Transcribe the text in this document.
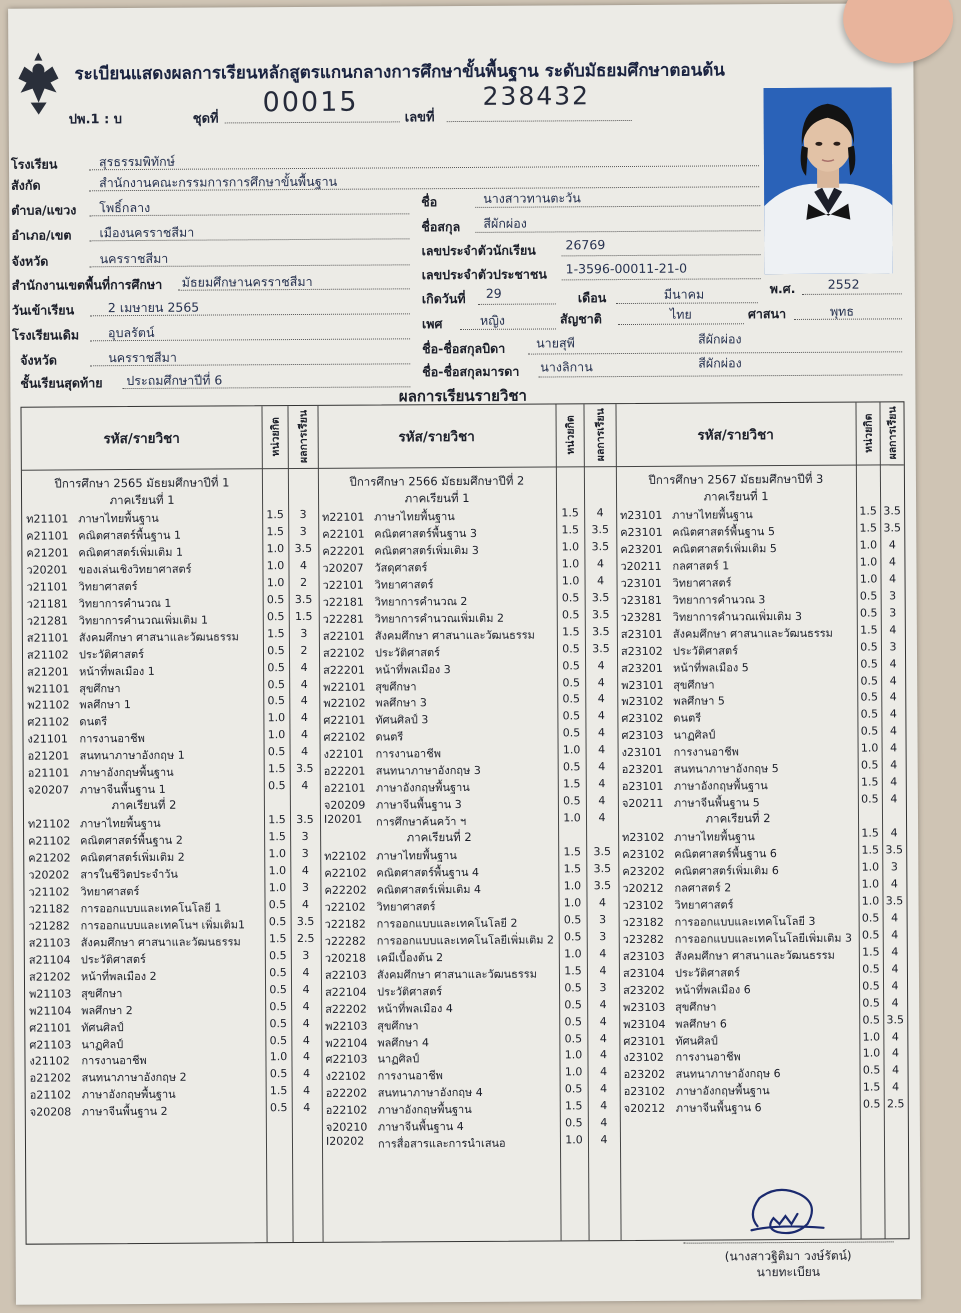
ระเบียนแสดงผลการเรียนหลักสูตรแกนกลางการศึกษาขั้นพื้นฐาน ระดับมัธยมศึกษาตอนต้น
ปพ.1 : บ	ชุดที่
00015	เลขที่
238432
โรงเรียน	สุรธรรมพิทักษ์
สังกัด	สำนักงานคณะกรรมการการศึกษาขั้นพื้นฐาน
ตำบล/แขวง โพธิ์กลาง
อำเภอ/เขต เมืองนครราชสีมา
จังหวัด	นครราชสีมา
สำนักงานเขตพื้นที่การศึกษา มัธยมศึกษานครราชสีมา
วันเข้าเรียน	2 เมษายน 2565
โรงเรียนเดิม อุบลรัตน์
จังหวัด	นครราชสีมา
ชั้นเรียนสุดท้าย ประถมศึกษาปีที่ 6
ชื่อ	นางสาวทานตะวัน
ชื่อสกุล สีผักผ่อง
เลขประจำตัวนักเรียน 26769
เลขประจำตัวประชาชน 1-3596-00011-21-0
เกิดวันที่ 29	เดือน	มีนาคม	พ.ศ.	2552
เพศ	หญิง	สัญชาติ	ไทย	ศาสนา	พุทธ
ชื่อ-ชื่อสกุลบิดา นายสุพี	สีผักผ่อง
ชื่อ-ชื่อสกุลมารดา นางลิกาน	สีผักผ่อง
ผลการเรียนรายวิชา
รหัส/รายวิชา	หน่วยกิต ผลการเรียน	รหัส/รายวิชา	หน่วยกิต ผลการเรียน	รหัส/รายวิชา	หน่วยกิต ผลการเรียน
ปีการศึกษา 2565 มัธยมศึกษาปีที่ 1
ภาคเรียนที่ 1
ท21101 ภาษาไทยพื้นฐาน	1.5	3
ค21101 คณิตศาสตร์พื้นฐาน 1	1.5	3
ค21201 คณิตศาสตร์เพิ่มเติม 1	1.0 3.5
ว20201 ของเล่นเชิงวิทยาศาสตร์	1.0	4
ว21101 วิทยาศาสตร์	1.0	2
ว21181 วิทยาการคำนวณ 1	0.5 3.5
ว21281 วิทยาการคำนวณเพิ่มเติม 1	0.5 1.5
ส21101 สังคมศึกษา ศาสนาและวัฒนธรรม	1.5	3
ส21102 ประวัติศาสตร์	0.5	2
ส21201 หน้าที่พลเมือง 1	0.5	4
พ21101 สุขศึกษา	0.5	4
พ21102 พลศึกษา 1	0.5	4
ศ21102 ดนตรี	1.0	4
ง21101	การงานอาชีพ	1.0	4
อ21201 สนทนาภาษาอังกฤษ 1	0.5	4
อ21101 ภาษาอังกฤษพื้นฐาน	1.5 3.5
จ20207 ภาษาจีนพื้นฐาน 1	0.5	4
ภาคเรียนที่ 2
ท21102 ภาษาไทยพื้นฐาน	1.5 3.5
ค21102 คณิตศาสตร์พื้นฐาน 2	1.5	3
ค21202 คณิตศาสตร์เพิ่มเติม 2	1.0	3
ว20202 สารในชีวิตประจำวัน	1.0	4
ว21102 วิทยาศาสตร์	1.0	3
ว21182 การออกแบบและเทคโนโลยี 1	0.5	4
ว21282 การออกแบบและเทคโนฯ เพิ่มเติม1	0.5 3.5
ส21103 สังคมศึกษา ศาสนาและวัฒนธรรม	1.5 2.5
ส21104 ประวัติศาสตร์	0.5	3
ส21202 หน้าที่พลเมือง 2	0.5	4
พ21103 สุขศึกษา	0.5	4
พ21104 พลศึกษา 2	0.5	4
ศ21101 ทัศนศิลป์	0.5	4
ศ21103 นาฏศิลป์	0.5	4
ง21102	การงานอาชีพ	1.0	4
อ21202 สนทนาภาษาอังกฤษ 2	0.5	4
อ21102 ภาษาอังกฤษพื้นฐาน	1.5	4
จ20208 ภาษาจีนพื้นฐาน 2	0.5	4
ปีการศึกษา 2566 มัธยมศึกษาปีที่ 2
ภาคเรียนที่ 1
ท22101 ภาษาไทยพื้นฐาน	1.5	4
ค22101 คณิตศาสตร์พื้นฐาน 3	1.5	3.5
ค22201 คณิตศาสตร์เพิ่มเติม 3	1.0	3.5
ว20207 วัสดุศาสตร์	1.0	4
ว22101 วิทยาศาสตร์	1.0	4
ว22181 วิทยาการคำนวณ 2	0.5	3.5
ว22281 วิทยาการคำนวณเพิ่มเติม 2	0.5	3.5
ส22101 สังคมศึกษา ศาสนาและวัฒนธรรม	1.5	3.5
ส22102 ประวัติศาสตร์	0.5	3.5
ส22201 หน้าที่พลเมือง 3	0.5	4
พ22101 สุขศึกษา	0.5	4
พ22102 พลศึกษา 3	0.5	4
ศ22101 ทัศนศิลป์ 3	0.5	4
ศ22102 ดนตรี	0.5	4
ง22101	การงานอาชีพ	1.0	4
อ22201 สนทนาภาษาอังกฤษ 3	0.5	4
อ22101 ภาษาอังกฤษพื้นฐาน	1.5	4
จ20209 ภาษาจีนพื้นฐาน 3	0.5	4
I20201	การศึกษาค้นคว้า ฯ	1.0	4
ภาคเรียนที่ 2
ท22102 ภาษาไทยพื้นฐาน	1.5	3.5
ค22102 คณิตศาสตร์พื้นฐาน 4	1.5	3.5
ค22202 คณิตศาสตร์เพิ่มเติม 4	1.0	3.5
ว22102 วิทยาศาสตร์	1.0	4
ว22182 การออกแบบและเทคโนโลยี 2	0.5	3
ว22282 การออกแบบและเทคโนโลยีเพิ่มเติม 2 0.5	3
ว20218 เคมีเบื้องต้น 2	1.0	4
ส22103 สังคมศึกษา ศาสนาและวัฒนธรรม	1.5	4
ส22104 ประวัติศาสตร์	0.5	3
ส22202 หน้าที่พลเมือง 4	0.5	4
พ22103 สุขศึกษา	0.5	4
พ22104 พลศึกษา 4	0.5	4
ศ22103 นาฏศิลป์	1.0	4
ง22102	การงานอาชีพ	1.0	4
อ22202 สนทนาภาษาอังกฤษ 4	0.5	4
อ22102 ภาษาอังกฤษพื้นฐาน	1.5	4
จ20210 ภาษาจีนพื้นฐาน 4	0.5	4
I20202	การสื่อสารและการนำเสนอ	1.0	4
ปีการศึกษา 2567 มัธยมศึกษาปีที่ 3
ภาคเรียนที่ 1
ท23101 ภาษาไทยพื้นฐาน	1.5 3.5
ค23101 คณิตศาสตร์พื้นฐาน 5	1.5 3.5
ค23201 คณิตศาสตร์เพิ่มเติม 5	1.0	4
ว20211 กลศาสตร์ 1	1.0	4
ว23101 วิทยาศาสตร์	1.0	4
ว23181 วิทยาการคำนวณ 3	0.5	3
ว23281 วิทยาการคำนวณเพิ่มเติม 3	0.5	3
ส23101 สังคมศึกษา ศาสนาและวัฒนธรรม 1.5	4
ส23102 ประวัติศาสตร์	0.5	3
ส23201 หน้าที่พลเมือง 5	0.5	4
พ23101 สุขศึกษา	0.5	4
พ23102 พลศึกษา 5	0.5	4
ศ23102 ดนตรี	0.5	4
ศ23103 นาฏศิลป์	0.5	4
ง23101	การงานอาชีพ	1.0	4
อ23201 สนทนาภาษาอังกฤษ 5	0.5	4
อ23101 ภาษาอังกฤษพื้นฐาน	1.5	4
จ20211 ภาษาจีนพื้นฐาน 5	0.5	4
ภาคเรียนที่ 2
ท23102 ภาษาไทยพื้นฐาน	1.5	4
ค23102 คณิตศาสตร์พื้นฐาน 6	1.5 3.5
ค23202 คณิตศาสตร์เพิ่มเติม 6	1.0	3
ว20212 กลศาสตร์ 2	1.0	4
ว23102 วิทยาศาสตร์	1.0 3.5
ว23182 การออกแบบและเทคโนโลยี 3	0.5	4
ว23282 การออกแบบและเทคโนโลยีเพิ่มเติม 3 0.5	4
ส23103 สังคมศึกษา ศาสนาและวัฒนธรรม 1.5	4
ส23104 ประวัติศาสตร์	0.5	4
ส23202 หน้าที่พลเมือง 6	0.5	4
พ23103 สุขศึกษา	0.5	4
พ23104 พลศึกษา 6	0.5 3.5
ศ23101 ทัศนศิลป์	1.0	4
ง23102	การงานอาชีพ	1.0	4
อ23202 สนทนาภาษาอังกฤษ 6	0.5	4
อ23102 ภาษาอังกฤษพื้นฐาน	1.5	4
จ20212 ภาษาจีนพื้นฐาน 6	0.5 2.5
(นางสาวฐิติมา วงษ์รัตน์)
นายทะเบียน
